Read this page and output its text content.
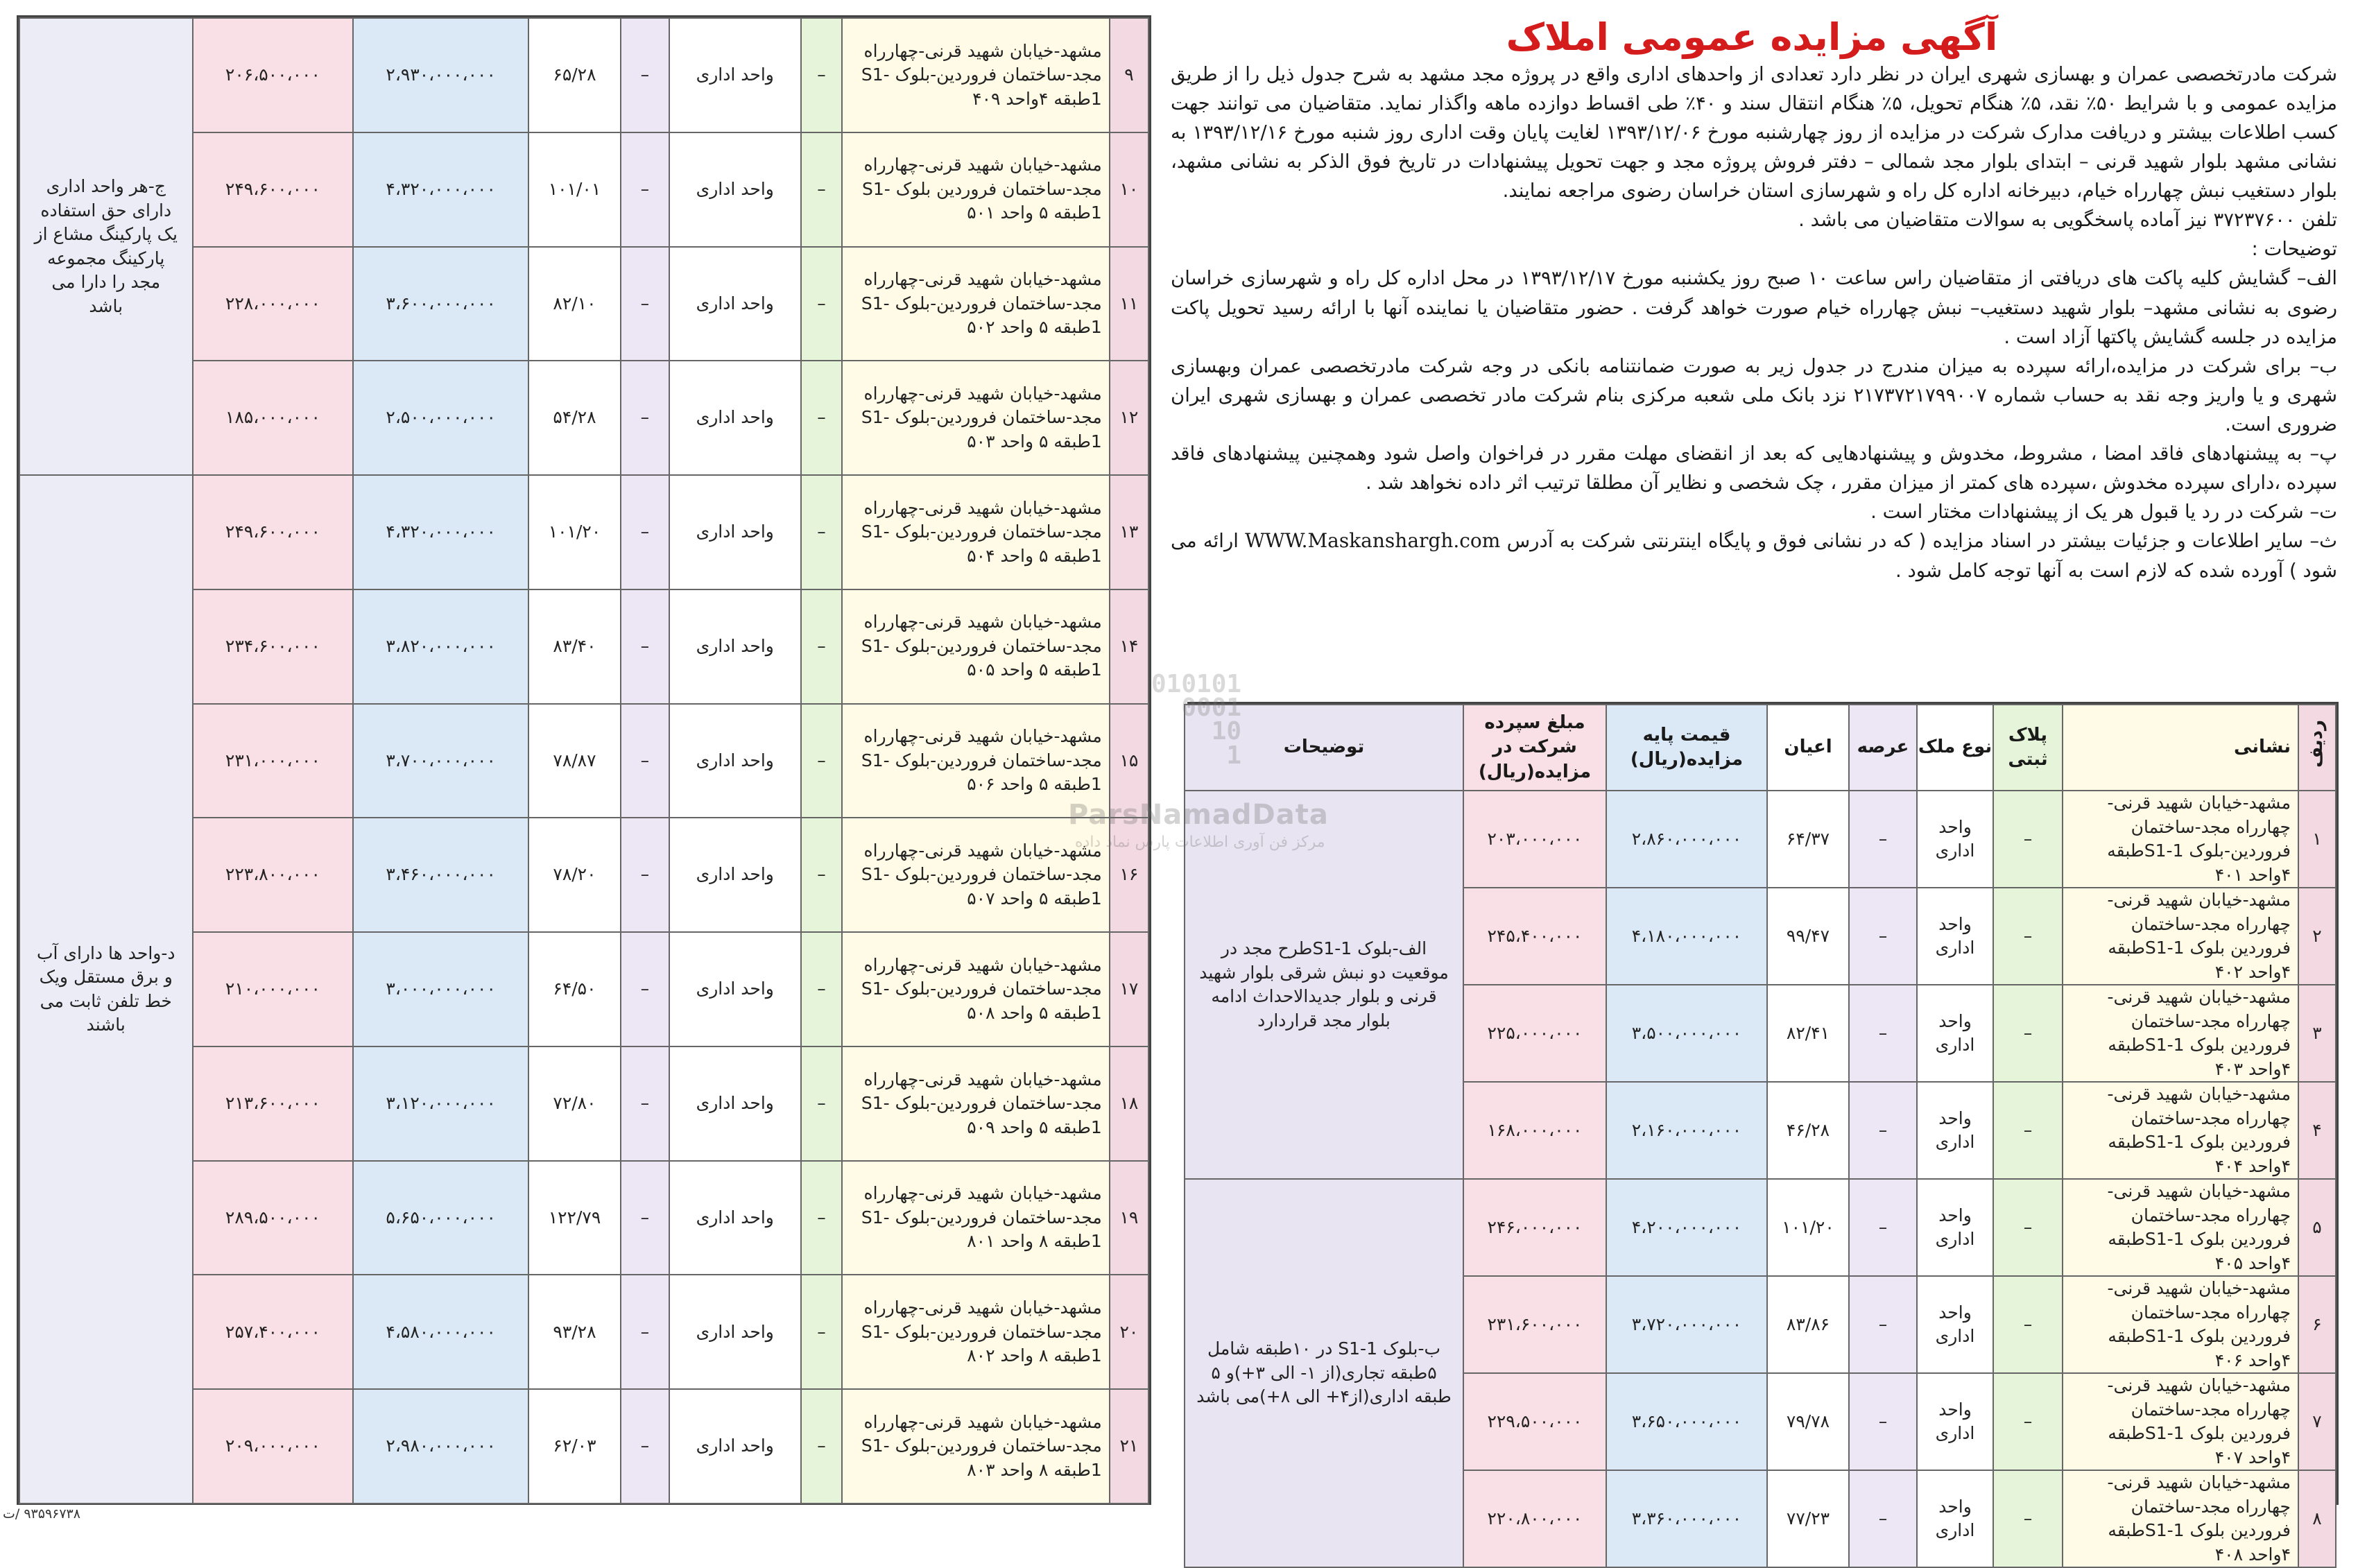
ج-هر واحد اداری دارای حق استفاده یک پارکینگ مشاع از پارکینگ مجموعه مجد را دارا می باشد	۲۰۶،۵۰۰،۰۰۰	۲،۹۳۰،۰۰۰،۰۰۰	۶۵/۲۸	–	واحد اداری	–	مشهد-خیابان شهید قرنی-چهارراه مجد-ساختمان فروردین-بلوک S1-1طبقه ۴واحد ۴۰۹	۹
	۲۴۹،۶۰۰،۰۰۰	۴،۳۲۰،۰۰۰،۰۰۰	۱۰۱/۰۱	–	واحد اداری	–	مشهد-خیابان شهید قرنی-چهارراه مجد-ساختمان فروردین بلوک S1-1طبقه ۵ واحد ۵۰۱	۱۰
	۲۲۸،۰۰۰،۰۰۰	۳،۶۰۰،۰۰۰،۰۰۰	۸۲/۱۰	–	واحد اداری	–	مشهد-خیابان شهید قرنی-چهارراه مجد-ساختمان فروردین-بلوک S1-1طبقه ۵ واحد ۵۰۲	۱۱
	۱۸۵،۰۰۰،۰۰۰	۲،۵۰۰،۰۰۰،۰۰۰	۵۴/۲۸	–	واحد اداری	–	مشهد-خیابان شهید قرنی-چهارراه مجد-ساختمان فروردین-بلوک S1-1طبقه ۵ واحد ۵۰۳	۱۲
د-واحد ها دارای آب و برق مستقل ویک خط تلفن ثابت می باشند	۲۴۹،۶۰۰،۰۰۰	۴،۳۲۰،۰۰۰،۰۰۰	۱۰۱/۲۰	–	واحد اداری	–	مشهد-خیابان شهید قرنی-چهارراه مجد-ساختمان فروردین-بلوک S1-1طبقه ۵ واحد ۵۰۴	۱۳
	۲۳۴،۶۰۰،۰۰۰	۳،۸۲۰،۰۰۰،۰۰۰	۸۳/۴۰	–	واحد اداری	–	مشهد-خیابان شهید قرنی-چهارراه مجد-ساختمان فروردین-بلوک S1-1طبقه ۵ واحد ۵۰۵	۱۴
	۲۳۱،۰۰۰،۰۰۰	۳،۷۰۰،۰۰۰،۰۰۰	۷۸/۸۷	–	واحد اداری	–	مشهد-خیابان شهید قرنی-چهارراه مجد-ساختمان فروردین-بلوک S1-1طبقه ۵ واحد ۵۰۶	۱۵
	۲۲۳،۸۰۰،۰۰۰	۳،۴۶۰،۰۰۰،۰۰۰	۷۸/۲۰	–	واحد اداری	–	مشهد-خیابان شهید قرنی-چهارراه مجد-ساختمان فروردین-بلوک S1-1طبقه ۵ واحد ۵۰۷	۱۶
	۲۱۰،۰۰۰،۰۰۰	۳،۰۰۰،۰۰۰،۰۰۰	۶۴/۵۰	–	واحد اداری	–	مشهد-خیابان شهید قرنی-چهارراه مجد-ساختمان فروردین-بلوک S1-1طبقه ۵ واحد ۵۰۸	۱۷
	۲۱۳،۶۰۰،۰۰۰	۳،۱۲۰،۰۰۰،۰۰۰	۷۲/۸۰	–	واحد اداری	–	مشهد-خیابان شهید قرنی-چهارراه مجد-ساختمان فروردین-بلوک S1-1طبقه ۵ واحد ۵۰۹	۱۸
	۲۸۹،۵۰۰،۰۰۰	۵،۶۵۰،۰۰۰،۰۰۰	۱۲۲/۷۹	–	واحد اداری	–	مشهد-خیابان شهید قرنی-چهارراه مجد-ساختمان فروردین-بلوک S1-1طبقه ۸ واحد ۸۰۱	۱۹
	۲۵۷،۴۰۰،۰۰۰	۴،۵۸۰،۰۰۰،۰۰۰	۹۳/۲۸	–	واحد اداری	–	مشهد-خیابان شهید قرنی-چهارراه مجد-ساختمان فروردین-بلوک S1-1طبقه ۸ واحد ۸۰۲	۲۰
	۲۰۹،۰۰۰،۰۰۰	۲،۹۸۰،۰۰۰،۰۰۰	۶۲/۰۳	–	واحد اداری	–	مشهد-خیابان شهید قرنی-چهارراه مجد-ساختمان فروردین-بلوک S1-1طبقه ۸ واحد ۸۰۳	۲۱
آگهی مزایده عمومی املاک

شرکت مادرتخصصی عمران و بهسازی شهری ایران در نظر دارد تعدادی از واحدهای اداری واقع در پروژه مجد مشهد به شرح جدول ذیل را از طریق مزایده عمومی و با شرایط ۵۰٪ نقد، ۵٪ هنگام تحویل، ۵٪ هنگام انتقال سند و ۴۰٪ طی اقساط دوازده ماهه واگذار نماید. متقاضیان می توانند جهت کسب اطلاعات بیشتر و دریافت مدارک شرکت در مزایده از روز چهارشنبه مورخ ۱۳۹۳/۱۲/۰۶ لغایت پایان وقت اداری روز شنبه مورخ ۱۳۹۳/۱۲/۱۶ به نشانی مشهد بلوار شهید قرنی – ابتدای بلوار مجد شمالی – دفتر فروش پروژه مجد و جهت تحویل پیشنهادات در تاریخ فوق الذکر به نشانی مشهد، بلوار دستغیب نبش چهارراه خیام، دبیرخانه اداره کل راه و شهرسازی استان خراسان رضوی مراجعه نمایند.

تلفن ۳۷۲۳۷۶۰۰ نیز آماده پاسخگویی به سوالات متقاضیان می باشد .

توضیحات :

الف– گشایش کلیه پاکت های دریافتی از متقاضیان راس ساعت ۱۰ صبح روز یکشنبه مورخ ۱۳۹۳/۱۲/۱۷ در محل اداره کل راه و شهرسازی خراسان رضوی به نشانی مشهد– بلوار شهید دستغیب– نبش چهارراه خیام صورت خواهد گرفت . حضور متقاضیان یا نماینده آنها با ارائه رسید تحویل پاکت مزایده در جلسه گشایش پاکتها آزاد است .

ب– برای شرکت در مزایده،ارائه سپرده به میزان مندرج در جدول زیر به صورت ضمانتنامه بانکی در وجه شرکت مادرتخصصی عمران وبهسازی شهری و یا واریز وجه نقد به حساب شماره ۲۱۷۳۷۲۱۷۹۹۰۰۷ نزد بانک ملی شعبه مرکزی بنام شرکت مادر تخصصی عمران و بهسازی شهری ایران ضروری است.

پ– به پیشنهادهای فاقد امضا ، مشروط، مخدوش و پیشنهادهایی که بعد از انقضای مهلت مقرر در فراخوان واصل شود وهمچنین پیشنهادهای فاقد سپرده ،دارای سپرده مخدوش ،سپرده های کمتر از میزان مقرر ، چک شخصی و نظایر آن مطلقا ترتیب اثر داده نخواهد شد .

ت– شرکت در رد یا قبول هر یک از پیشنهادات مختار است .

ث– سایر اطلاعات و جزئیات بیشتر در اسناد مزایده ( که در نشانی فوق و پایگاه اینترنتی شرکت به آدرس WWW.Maskanshargh.com ارائه می شود ) آورده شده که لازم است به آنها توجه کامل شود .

ردیف	نشانی	پلاک ثبتی	نوع ملک	عرصه	اعیان	قیمت پایه مزایده(ریال)	مبلغ سپرده شرکت در مزایده(ریال)	توضیحات
۱	مشهد-خیابان شهید قرنی-چهارراه مجد-ساختمان فروردین-بلوک S1-1طبقه ۴واحد ۴۰۱	–	واحد اداری	–	۶۴/۳۷	۲،۸۶۰،۰۰۰،۰۰۰	۲۰۳،۰۰۰،۰۰۰	الف-بلوک S1-1طرح مجد در موقعیت دو نبش شرقی بلوار شهید قرنی و بلوار جدیدالاحداث ادامه بلوار مجد قراردارد
۲	مشهد-خیابان شهید قرنی-چهارراه مجد-ساختمان فروردین بلوک S1-1طبقه ۴واحد ۴۰۲	–	واحد اداری	–	۹۹/۴۷	۴،۱۸۰،۰۰۰،۰۰۰	۲۴۵،۴۰۰،۰۰۰	
۳	مشهد-خیابان شهید قرنی-چهارراه مجد-ساختمان فروردین بلوک S1-1طبقه ۴واحد ۴۰۳	–	واحد اداری	–	۸۲/۴۱	۳،۵۰۰،۰۰۰،۰۰۰	۲۲۵،۰۰۰،۰۰۰	
۴	مشهد-خیابان شهید قرنی-چهارراه مجد-ساختمان فروردین بلوک S1-1طبقه ۴واحد ۴۰۴	–	واحد اداری	–	۴۶/۲۸	۲،۱۶۰،۰۰۰،۰۰۰	۱۶۸،۰۰۰،۰۰۰	
۵	مشهد-خیابان شهید قرنی-چهارراه مجد-ساختمان فروردین بلوک S1-1طبقه ۴واحد ۴۰۵	–	واحد اداری	–	۱۰۱/۲۰	۴،۲۰۰،۰۰۰،۰۰۰	۲۴۶،۰۰۰،۰۰۰	ب-بلوک S1-1 در ۱۰طبقه شامل ۵طبقه تجاری(از ۱- الی ۳+)و ۵ طبقه اداری(از۴+ الی ۸+)می باشد
۶	مشهد-خیابان شهید قرنی-چهارراه مجد-ساختمان فروردین بلوک S1-1طبقه ۴واحد ۴۰۶	–	واحد اداری	–	۸۳/۸۶	۳،۷۲۰،۰۰۰،۰۰۰	۲۳۱،۶۰۰،۰۰۰	
۷	مشهد-خیابان شهید قرنی-چهارراه مجد-ساختمان فروردین بلوک S1-1طبقه ۴واحد ۴۰۷	–	واحد اداری	–	۷۹/۷۸	۳،۶۵۰،۰۰۰،۰۰۰	۲۲۹،۵۰۰،۰۰۰	
۸	مشهد-خیابان شهید قرنی-چهارراه مجد-ساختمان فروردین بلوک S1-1طبقه ۴واحد ۴۰۸	–	واحد اداری	–	۷۷/۲۳	۳،۳۶۰،۰۰۰،۰۰۰	۲۲۰،۸۰۰،۰۰۰	
010101
0001
10
1
ParsNamadData
مرکز فن آوری اطلاعات پارس نماد داده
۹۳۵۹۶۷۳۸ /ت
